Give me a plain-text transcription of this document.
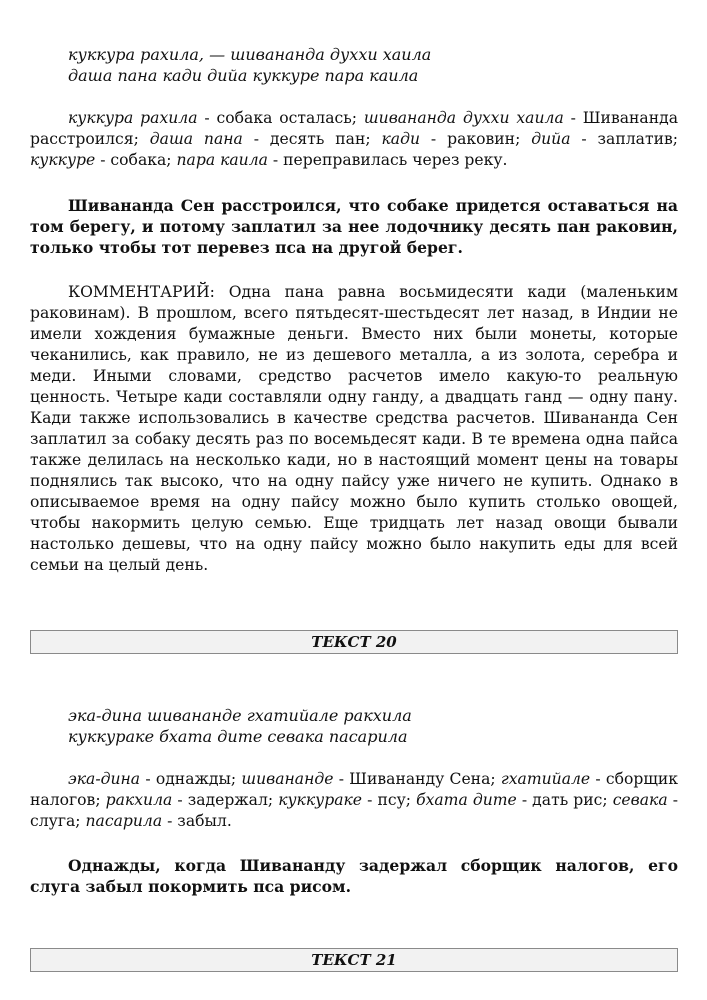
куккура рахила, — шивананда духхи хаила
даша пана кади дийа куккуре пара каила

куккура рахила - собака осталась; шивананда духхи хаила - Шивананда расстроился; даша пана - десять пан; кади - раковин; дийа - заплатив; куккуре - собака; пара каила - переправилась через реку.

Шивананда Сен расстроился, что собаке придется оставаться на том берегу, и потому заплатил за нее лодочнику десять пан раковин, только чтобы тот перевез пса на другой берег.

КОММЕНТАРИЙ: Одна пана равна восьмидесяти кади (маленьким раковинам). В прошлом, всего пятьдесят-шестьдесят лет назад, в Индии не имели хождения бумажные деньги. Вместо них были монеты, которые чеканились, как правило, не из дешевого металла, а из золота, серебра и меди. Иными словами, средство расчетов имело какую-то реальную ценность. Четыре кади составляли одну ганду, а двадцать ганд — одну пану. Кади также использовались в качестве средства расчетов. Шивананда Сен заплатил за собаку десять раз по восемьдесят кади. В те времена одна пайса также делилась на несколько кади, но в настоящий момент цены на товары поднялись так высоко, что на одну пайсу уже ничего не купить. Однако в описываемое время на одну пайсу можно было купить столько овощей, чтобы накормить целую семью. Еще тридцать лет назад овощи бывали настолько дешевы, что на одну пайсу можно было накупить еды для всей семьи на целый день.

ТЕКСТ 20
эка-дина шивананде гхатийале ракхила
куккураке бхата дите севака пасарила

эка-дина - однажды; шивананде - Шивананду Сена; гхатийале - сборщик налогов; ракхила - задержал; куккураке - псу; бхата дите - дать рис; севака - слуга; пасарила - забыл.

Однажды, когда Шивананду задержал сборщик налогов, его слуга забыл покормить пса рисом.

ТЕКСТ 21
